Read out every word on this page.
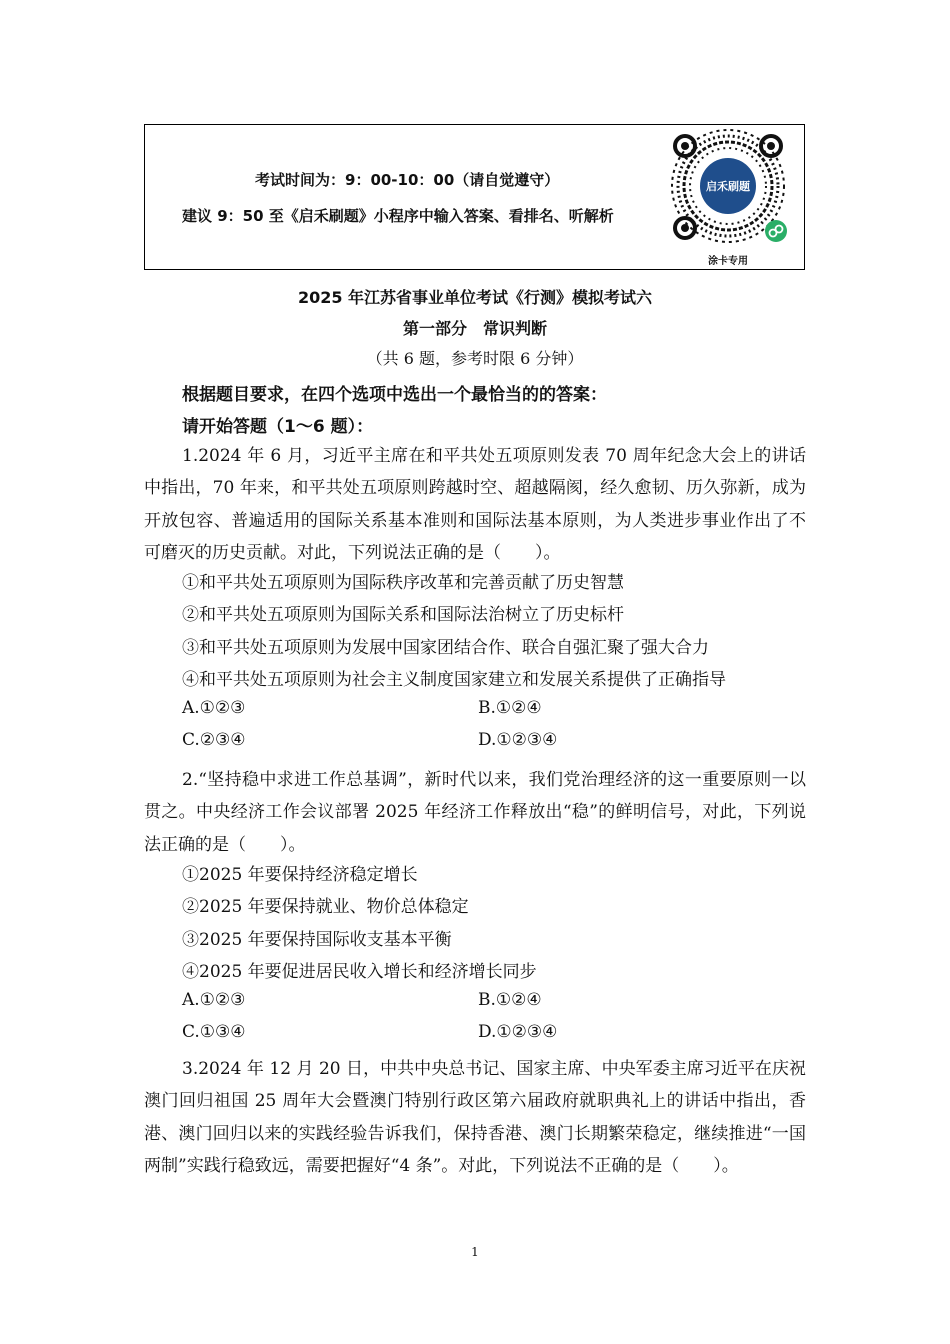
考试时间为：9：00-10：00（请自觉遵守）
建议 9：50 至《启禾刷题》小程序中输入答案、看排名、听解析
启禾刷题
涂卡专用
2025 年江苏省事业单位考试《行测》模拟考试六
第一部分　常识判断
（共 6 题，参考时限 6 分钟）
根据题目要求，在四个选项中选出一个最恰当的的答案：
请开始答题（1～6 题）：

1.2024 年 6 月，习近平主席在和平共处五项原则发表 70 周年纪念大会上的讲话中指出，70 年来，和平共处五项原则跨越时空、超越隔阂，经久愈韧、历久弥新，成为开放包容、普遍适用的国际关系基本准则和国际法基本原则，为人类进步事业作出了不可磨灭的历史贡献。对此，下列说法正确的是（　　）。

①和平共处五项原则为国际秩序改革和完善贡献了历史智慧
②和平共处五项原则为国际关系和国际法治树立了历史标杆
③和平共处五项原则为发展中国家团结合作、联合自强汇聚了强大合力
④和平共处五项原则为社会主义制度国家建立和发展关系提供了正确指导
A.①②③	B.①②④
C.②③④	D.①②③④

2.“坚持稳中求进工作总基调”，新时代以来，我们党治理经济的这一重要原则一以贯之。中央经济工作会议部署 2025 年经济工作释放出“稳”的鲜明信号，对此，下列说法正确的是（　　）。

①2025 年要保持经济稳定增长
②2025 年要保持就业、物价总体稳定
③2025 年要保持国际收支基本平衡
④2025 年要促进居民收入增长和经济增长同步
A.①②③	B.①②④
C.①③④	D.①②③④

3.2024 年 12 月 20 日，中共中央总书记、国家主席、中央军委主席习近平在庆祝澳门回归祖国 25 周年大会暨澳门特别行政区第六届政府就职典礼上的讲话中指出，香港、澳门回归以来的实践经验告诉我们，保持香港、澳门长期繁荣稳定，继续推进“一国两制”实践行稳致远，需要把握好“4 条”。对此，下列说法不正确的是（　　）。

1
